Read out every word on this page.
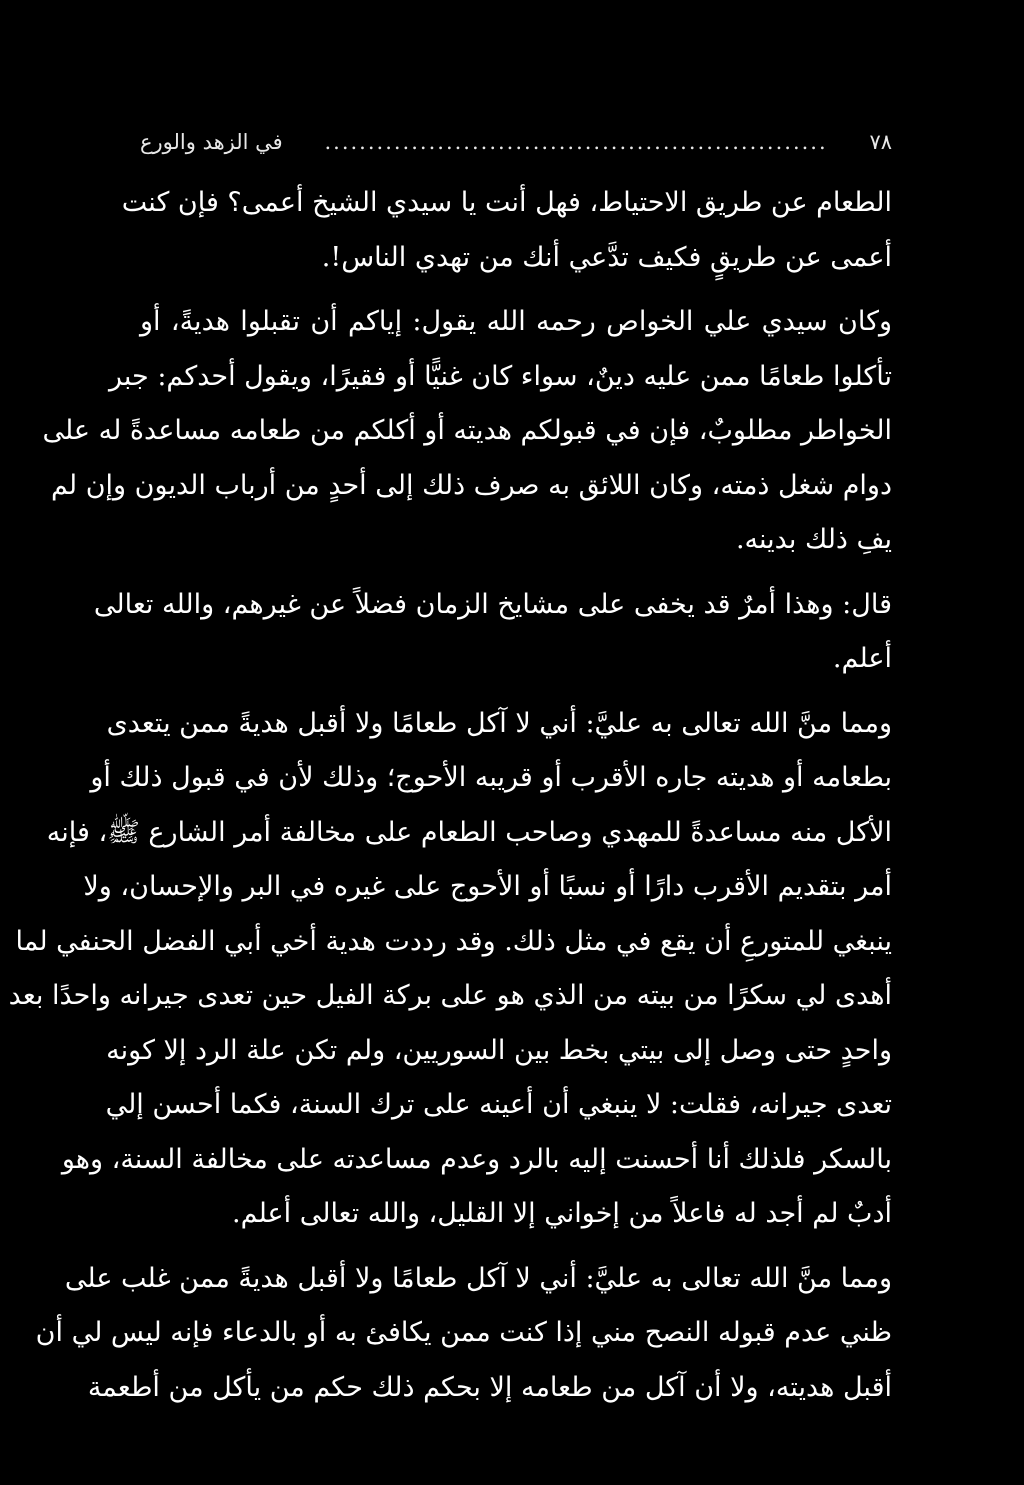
٧٨
..........................................................
في الزهد والورع
الطعام عن طريق الاحتياط، فهل أنت يا سيدي الشيخ أعمى؟ فإن كنت
أعمى عن طريقٍ فكيف تدَّعي أنك من تهدي الناس!.
وكان سيدي علي الخواص رحمه الله يقول: إياكم أن تقبلوا هديةً، أو
تأكلوا طعامًا ممن عليه دينٌ، سواء كان غنيًّا أو فقيرًا، ويقول أحدكم: جبر
الخواطر مطلوبٌ، فإن في قبولكم هديته أو أكلكم من طعامه مساعدةً له على
دوام شغل ذمته، وكان اللائق به صرف ذلك إلى أحدٍ من أرباب الديون وإن لم
يفِ ذلك بدينه.
قال: وهذا أمرٌ قد يخفى على مشايخ الزمان فضلاً عن غيرهم، والله تعالى
أعلم.
ومما منَّ الله تعالى به عليَّ: أني لا آكل طعامًا ولا أقبل هديةً ممن يتعدى
بطعامه أو هديته جاره الأقرب أو قريبه الأحوج؛ وذلك لأن في قبول ذلك أو
الأكل منه مساعدةً للمهدي وصاحب الطعام على مخالفة أمر الشارع ﷺ، فإنه
أمر بتقديم الأقرب دارًا أو نسبًا أو الأحوج على غيره في البر والإحسان، ولا
ينبغي للمتورعِ أن يقع في مثل ذلك. وقد رددت هدية أخي أبي الفضل الحنفي لما
أهدى لي سكرًا من بيته من الذي هو على بركة الفيل حين تعدى جيرانه واحدًا بعد
واحدٍ حتى وصل إلى بيتي بخط بين السوريين، ولم تكن علة الرد إلا كونه
تعدى جيرانه، فقلت: لا ينبغي أن أعينه على ترك السنة، فكما أحسن إلي
بالسكر فلذلك أنا أحسنت إليه بالرد وعدم مساعدته على مخالفة السنة، وهو
أدبٌ لم أجد له فاعلاً من إخواني إلا القليل، والله تعالى أعلم.
ومما منَّ الله تعالى به عليَّ: أني لا آكل طعامًا ولا أقبل هديةً ممن غلب على
ظني عدم قبوله النصح مني إذا كنت ممن يكافئ به أو بالدعاء فإنه ليس لي أن
أقبل هديته، ولا أن آكل من طعامه إلا بحكم ذلك حكم من يأكل من أطعمة
